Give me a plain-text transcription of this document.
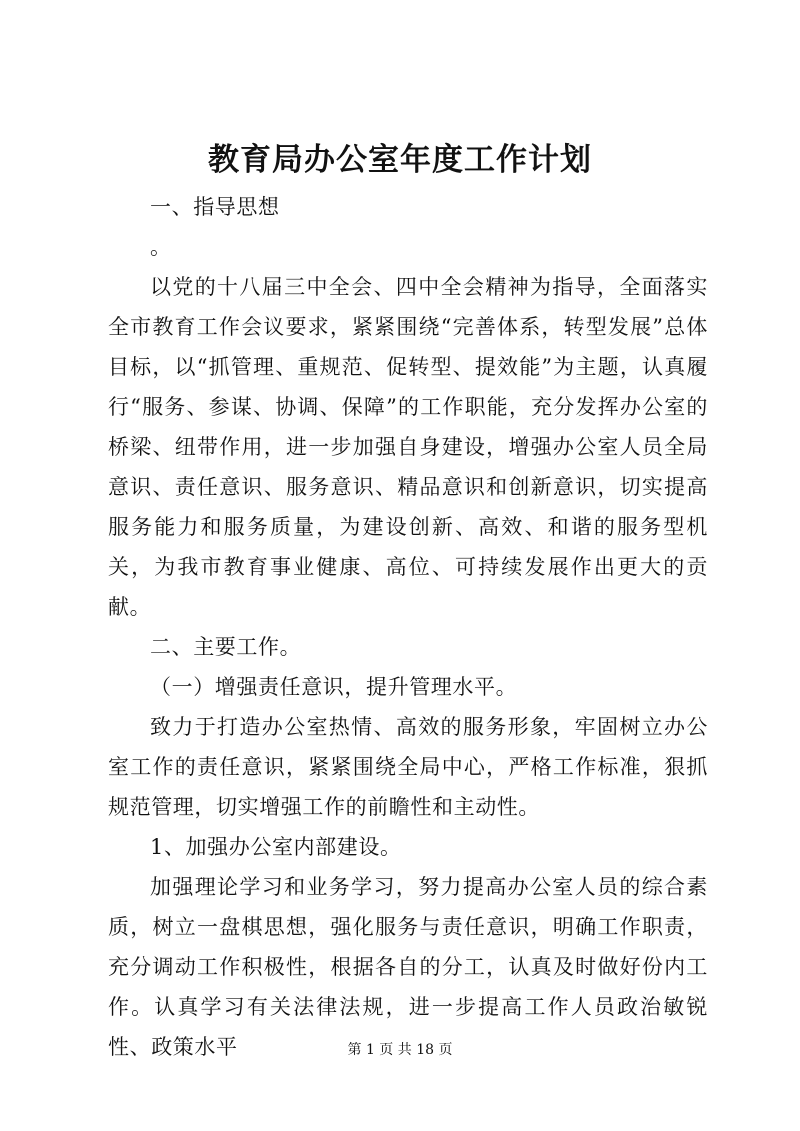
教育局办公室年度工作计划

一、指导思想

。

以党的十八届三中全会、四中全会精神为指导，全面落实全市教育工作会议要求，紧紧围绕“完善体系，转型发展”总体目标，以“抓管理、重规范、促转型、提效能”为主题，认真履行“服务、参谋、协调、保障”的工作职能，充分发挥办公室的桥梁、纽带作用，进一步加强自身建设，增强办公室人员全局意识、责任意识、服务意识、精品意识和创新意识，切实提高服务能力和服务质量，为建设创新、高效、和谐的服务型机关，为我市教育事业健康、高位、可持续发展作出更大的贡献。

二、主要工作。

（一）增强责任意识，提升管理水平。

致力于打造办公室热情、高效的服务形象，牢固树立办公室工作的责任意识，紧紧围绕全局中心，严格工作标准，狠抓规范管理，切实增强工作的前瞻性和主动性。

1、加强办公室内部建设。

加强理论学习和业务学习，努力提高办公室人员的综合素质，树立一盘棋思想，强化服务与责任意识，明确工作职责，充分调动工作积极性，根据各自的分工，认真及时做好份内工作。认真学习有关法律法规，进一步提高工作人员政治敏锐性、政策水平	第 1 页 共 18 页
